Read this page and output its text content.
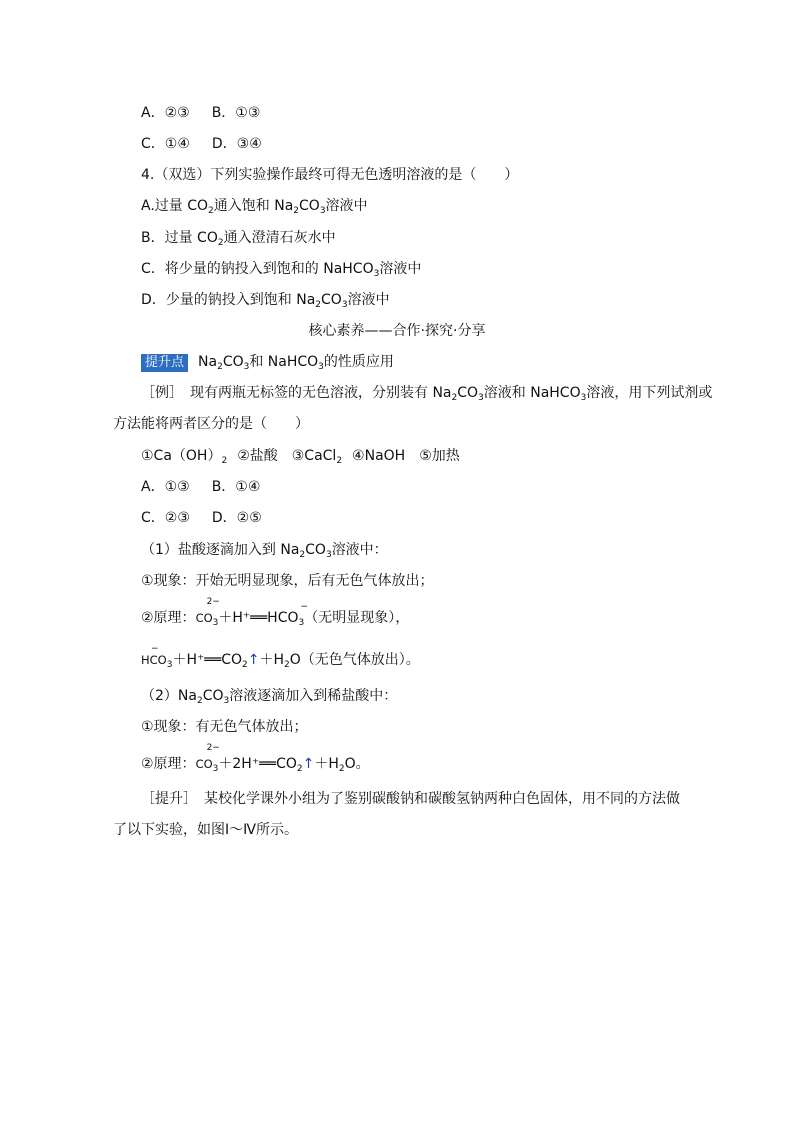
A．②③ B．①③
C．①④ D．③④
4.（双选）下列实验操作最终可得无色透明溶液的是（　　）
A.过量 $CO_2$通入饱和 $Na_2CO_3$溶液中
B．过量 $CO_2$通入澄清石灰水中
C．将少量的钠投入到饱和的 NaHCO$_3$溶液中
D．少量的钠投入到饱和 $Na_2CO_3$溶液中
核心素养——合作·探究·分享
提升点 $Na_2CO_3$和 NaHCO$_3$的性质应用
［例］　现有两瓶无标签的无色溶液，分别装有 $Na_2CO_3$溶液和 NaHCO$_3$溶液，用下列试剂或
方法能将两者区分的是（　　）
$①Ca(OH)_2$ ②盐酸　③CaCl$_2$ ④NaOH　⑤加热
A．①③ B．①④
C．②③ D．②⑤
（1）盐酸逐滴加入到 $Na_2CO_3$溶液中：
①现象：开始无明显现象，后有无色气体放出；
②原理：$CO_3$
2−
$+H^+══HCO_3$
−
（无明显现象），
$HCO_3$
−
$+H^+══CO_2↑+H_2O$（无色气体放出）。
$(2)Na_2CO_3$溶液逐滴加入到稀盐酸中：
①现象：有无色气体放出；
②原理：$CO_3$
2−
$+2H^+══CO_2↑+H_2O$。
［提升］　某校化学课外小组为了鉴别碳酸钠和碳酸氢钠两种白色固体，用不同的方法做
了以下实验，如图Ⅰ～Ⅳ所示。
